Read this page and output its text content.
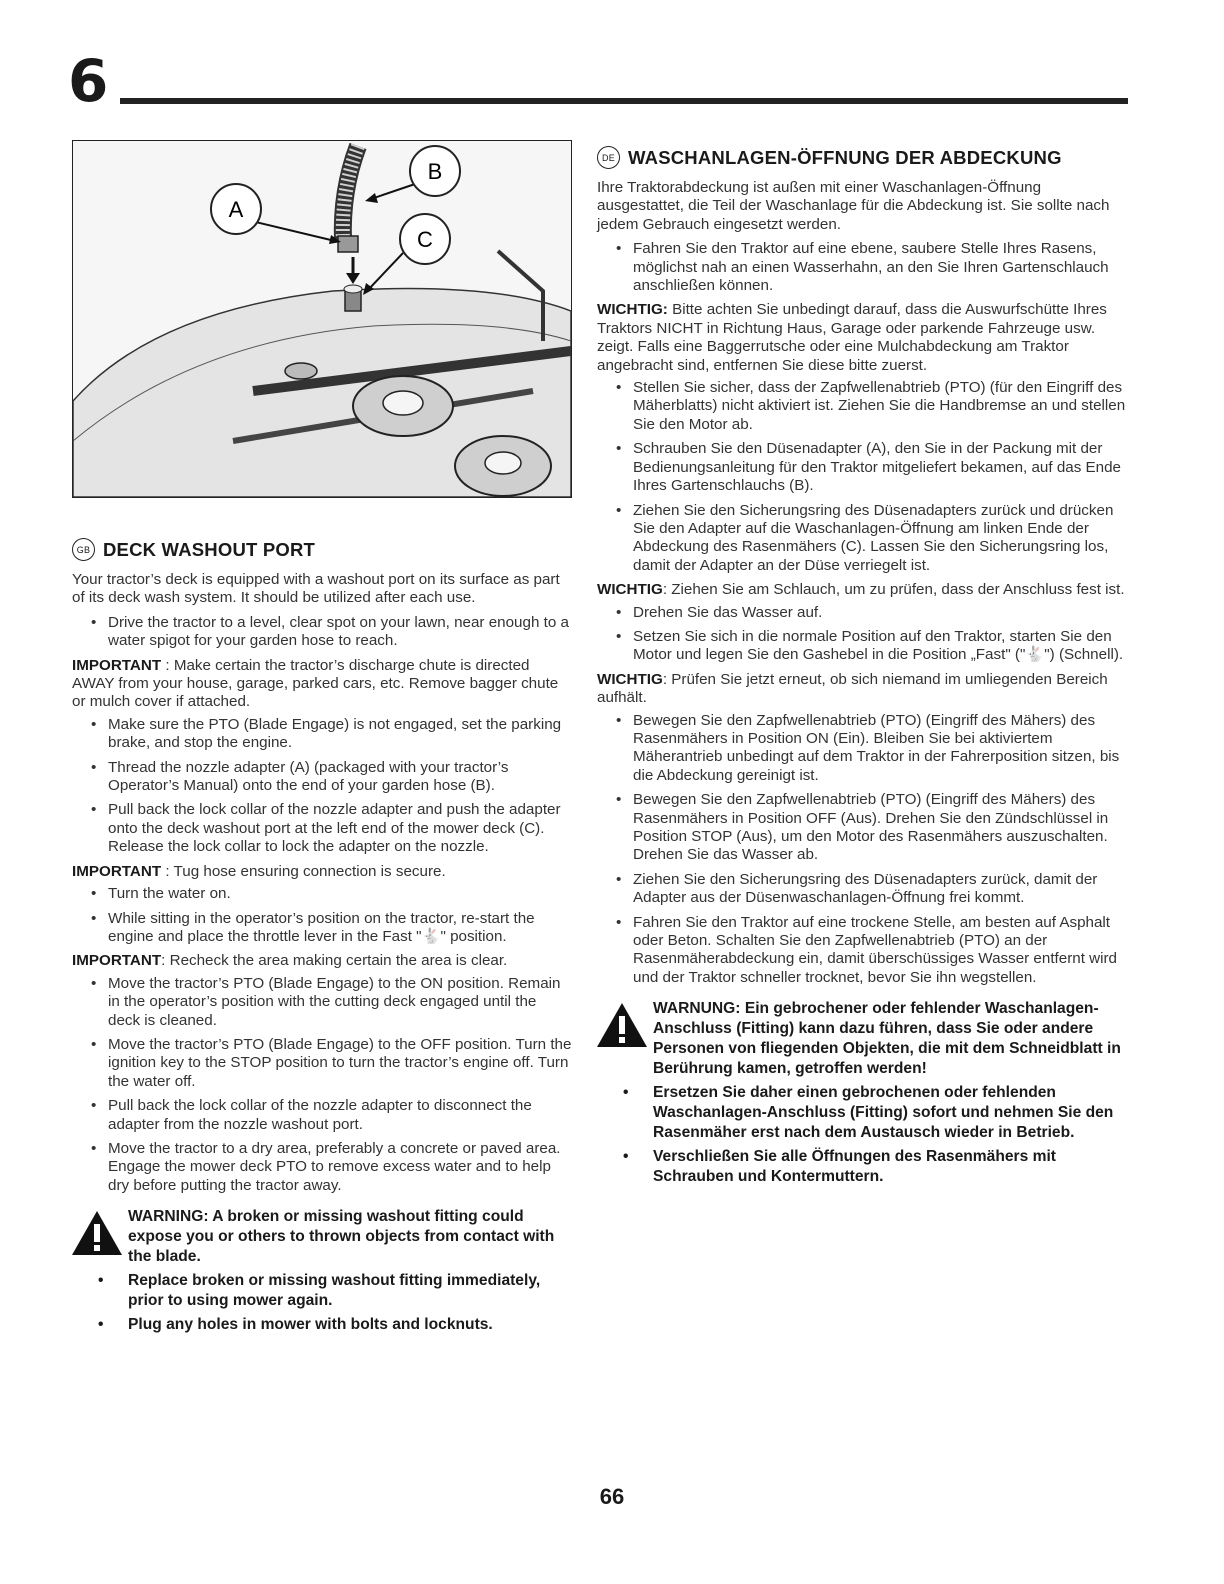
6
A
B
C
GB DECK WASHOUT PORT

Your tractor’s deck is equipped with a washout port on its surface as part of its deck wash system. It should be utilized after each use.

• Drive the tractor to a level, clear spot on your lawn, near enough to a water spigot for your garden hose to reach.

IMPORTANT : Make certain the tractor’s discharge chute is directed AWAY from your house, garage, parked cars, etc. Remove bagger chute or mulch cover if attached.

• Make sure the PTO (Blade Engage) is not engaged, set the parking brake, and stop the engine.
• Thread the nozzle adapter (A) (packaged with your tractor’s Operator’s Manual) onto the end of your garden hose (B).
• Pull back the lock collar of the nozzle adapter and push the adapter onto the deck washout port at the left end of the mower deck (C). Release the lock collar to lock the adapter on the nozzle.

IMPORTANT : Tug hose ensuring connection is secure.

• Turn the water on.
• While sitting in the operator’s position on the tractor, re-start the engine and place the throttle lever in the Fast "🐇" position.

IMPORTANT: Recheck the area making certain the area is clear.

• Move the tractor’s PTO (Blade Engage) to the ON position. Remain in the operator’s position with the cutting deck engaged until the deck is cleaned.
• Move the tractor’s PTO (Blade Engage) to the OFF position. Turn the ignition key to the STOP position to turn the tractor’s engine off. Turn the water off.
• Pull back the lock collar of the nozzle adapter to disconnect the adapter from the nozzle washout port.
• Move the tractor to a dry area, preferably a concrete or paved area. Engage the mower deck PTO to remove excess water and to help dry before putting the tractor away.
WARNING: A broken or missing washout fitting could expose you or others to thrown objects from contact with the blade.
• Replace broken or missing washout fitting immediately, prior to using mower again.
• Plug any holes in mower with bolts and locknuts.
DE WASCHANLAGEN-ÖFFNUNG DER ABDECKUNG

Ihre Traktorabdeckung ist außen mit einer Waschanlagen-Öffnung ausgestattet, die Teil der Waschanlage für die Abdeckung ist. Sie sollte nach jedem Gebrauch eingesetzt werden.

• Fahren Sie den Traktor auf eine ebene, saubere Stelle Ihres Rasens, möglichst nah an einen Wasserhahn, an den Sie Ihren Gartenschlauch anschließen können.

WICHTIG: Bitte achten Sie unbedingt darauf, dass die Auswurfschütte Ihres Traktors NICHT in Richtung Haus, Garage oder parkende Fahrzeuge usw. zeigt. Falls eine Baggerrutsche oder eine Mulchabdeckung am Traktor angebracht sind, entfernen Sie diese bitte zuerst.

• Stellen Sie sicher, dass der Zapfwellenabtrieb (PTO) (für den Eingriff des Mäherblatts) nicht aktiviert ist. Ziehen Sie die Handbremse an und stellen Sie den Motor ab.
• Schrauben Sie den Düsenadapter (A), den Sie in der Packung mit der Bedienungsanleitung für den Traktor mitgeliefert bekamen, auf das Ende Ihres Gartenschlauchs (B).
• Ziehen Sie den Sicherungsring des Düsenadapters zurück und drücken Sie den Adapter auf die Waschanlagen-Öffnung am linken Ende der Abdeckung des Rasenmähers (C). Lassen Sie den Sicherungsring los, damit der Adapter an der Düse verriegelt ist.

WICHTIG: Ziehen Sie am Schlauch, um zu prüfen, dass der Anschluss fest ist.

• Drehen Sie das Wasser auf.
• Setzen Sie sich in die normale Position auf den Traktor, starten Sie den Motor und legen Sie den Gashebel in die Position „Fast" ("🐇") (Schnell).

WICHTIG: Prüfen Sie jetzt erneut, ob sich niemand im umliegenden Bereich aufhält.

• Bewegen Sie den Zapfwellenabtrieb (PTO) (Eingriff des Mähers) des Rasenmähers in Position ON (Ein). Bleiben Sie bei aktiviertem Mäherantrieb unbedingt auf dem Traktor in der Fahrerposition sitzen, bis die Abdeckung gereinigt ist.
• Bewegen Sie den Zapfwellenabtrieb (PTO) (Eingriff des Mähers) des Rasenmähers in Position OFF (Aus). Drehen Sie den Zündschlüssel in Position STOP (Aus), um den Motor des Rasenmähers auszuschalten. Drehen Sie das Wasser ab.
• Ziehen Sie den Sicherungsring des Düsenadapters zurück, damit der Adapter aus der Düsenwaschanlagen-Öffnung frei kommt.
• Fahren Sie den Traktor auf eine trockene Stelle, am besten auf Asphalt oder Beton. Schalten Sie den Zapfwellenabtrieb (PTO) an der Rasenmäherabdeckung ein, damit überschüssiges Wasser entfernt wird und der Traktor schneller trocknet, bevor Sie ihn wegstellen.
WARNUNG: Ein gebrochener oder fehlender Waschanlagen-Anschluss (Fitting) kann dazu führen, dass Sie oder andere Personen von fliegenden Objekten, die mit dem Schneidblatt in Berührung kamen, getroffen werden!
• Ersetzen Sie daher einen gebrochenen oder fehlenden Waschanlagen-Anschluss (Fitting) sofort und nehmen Sie den Rasenmäher erst nach dem Austausch wieder in Betrieb.
• Verschließen Sie alle Öffnungen des Rasenmähers mit Schrauben und Kontermuttern.
66
